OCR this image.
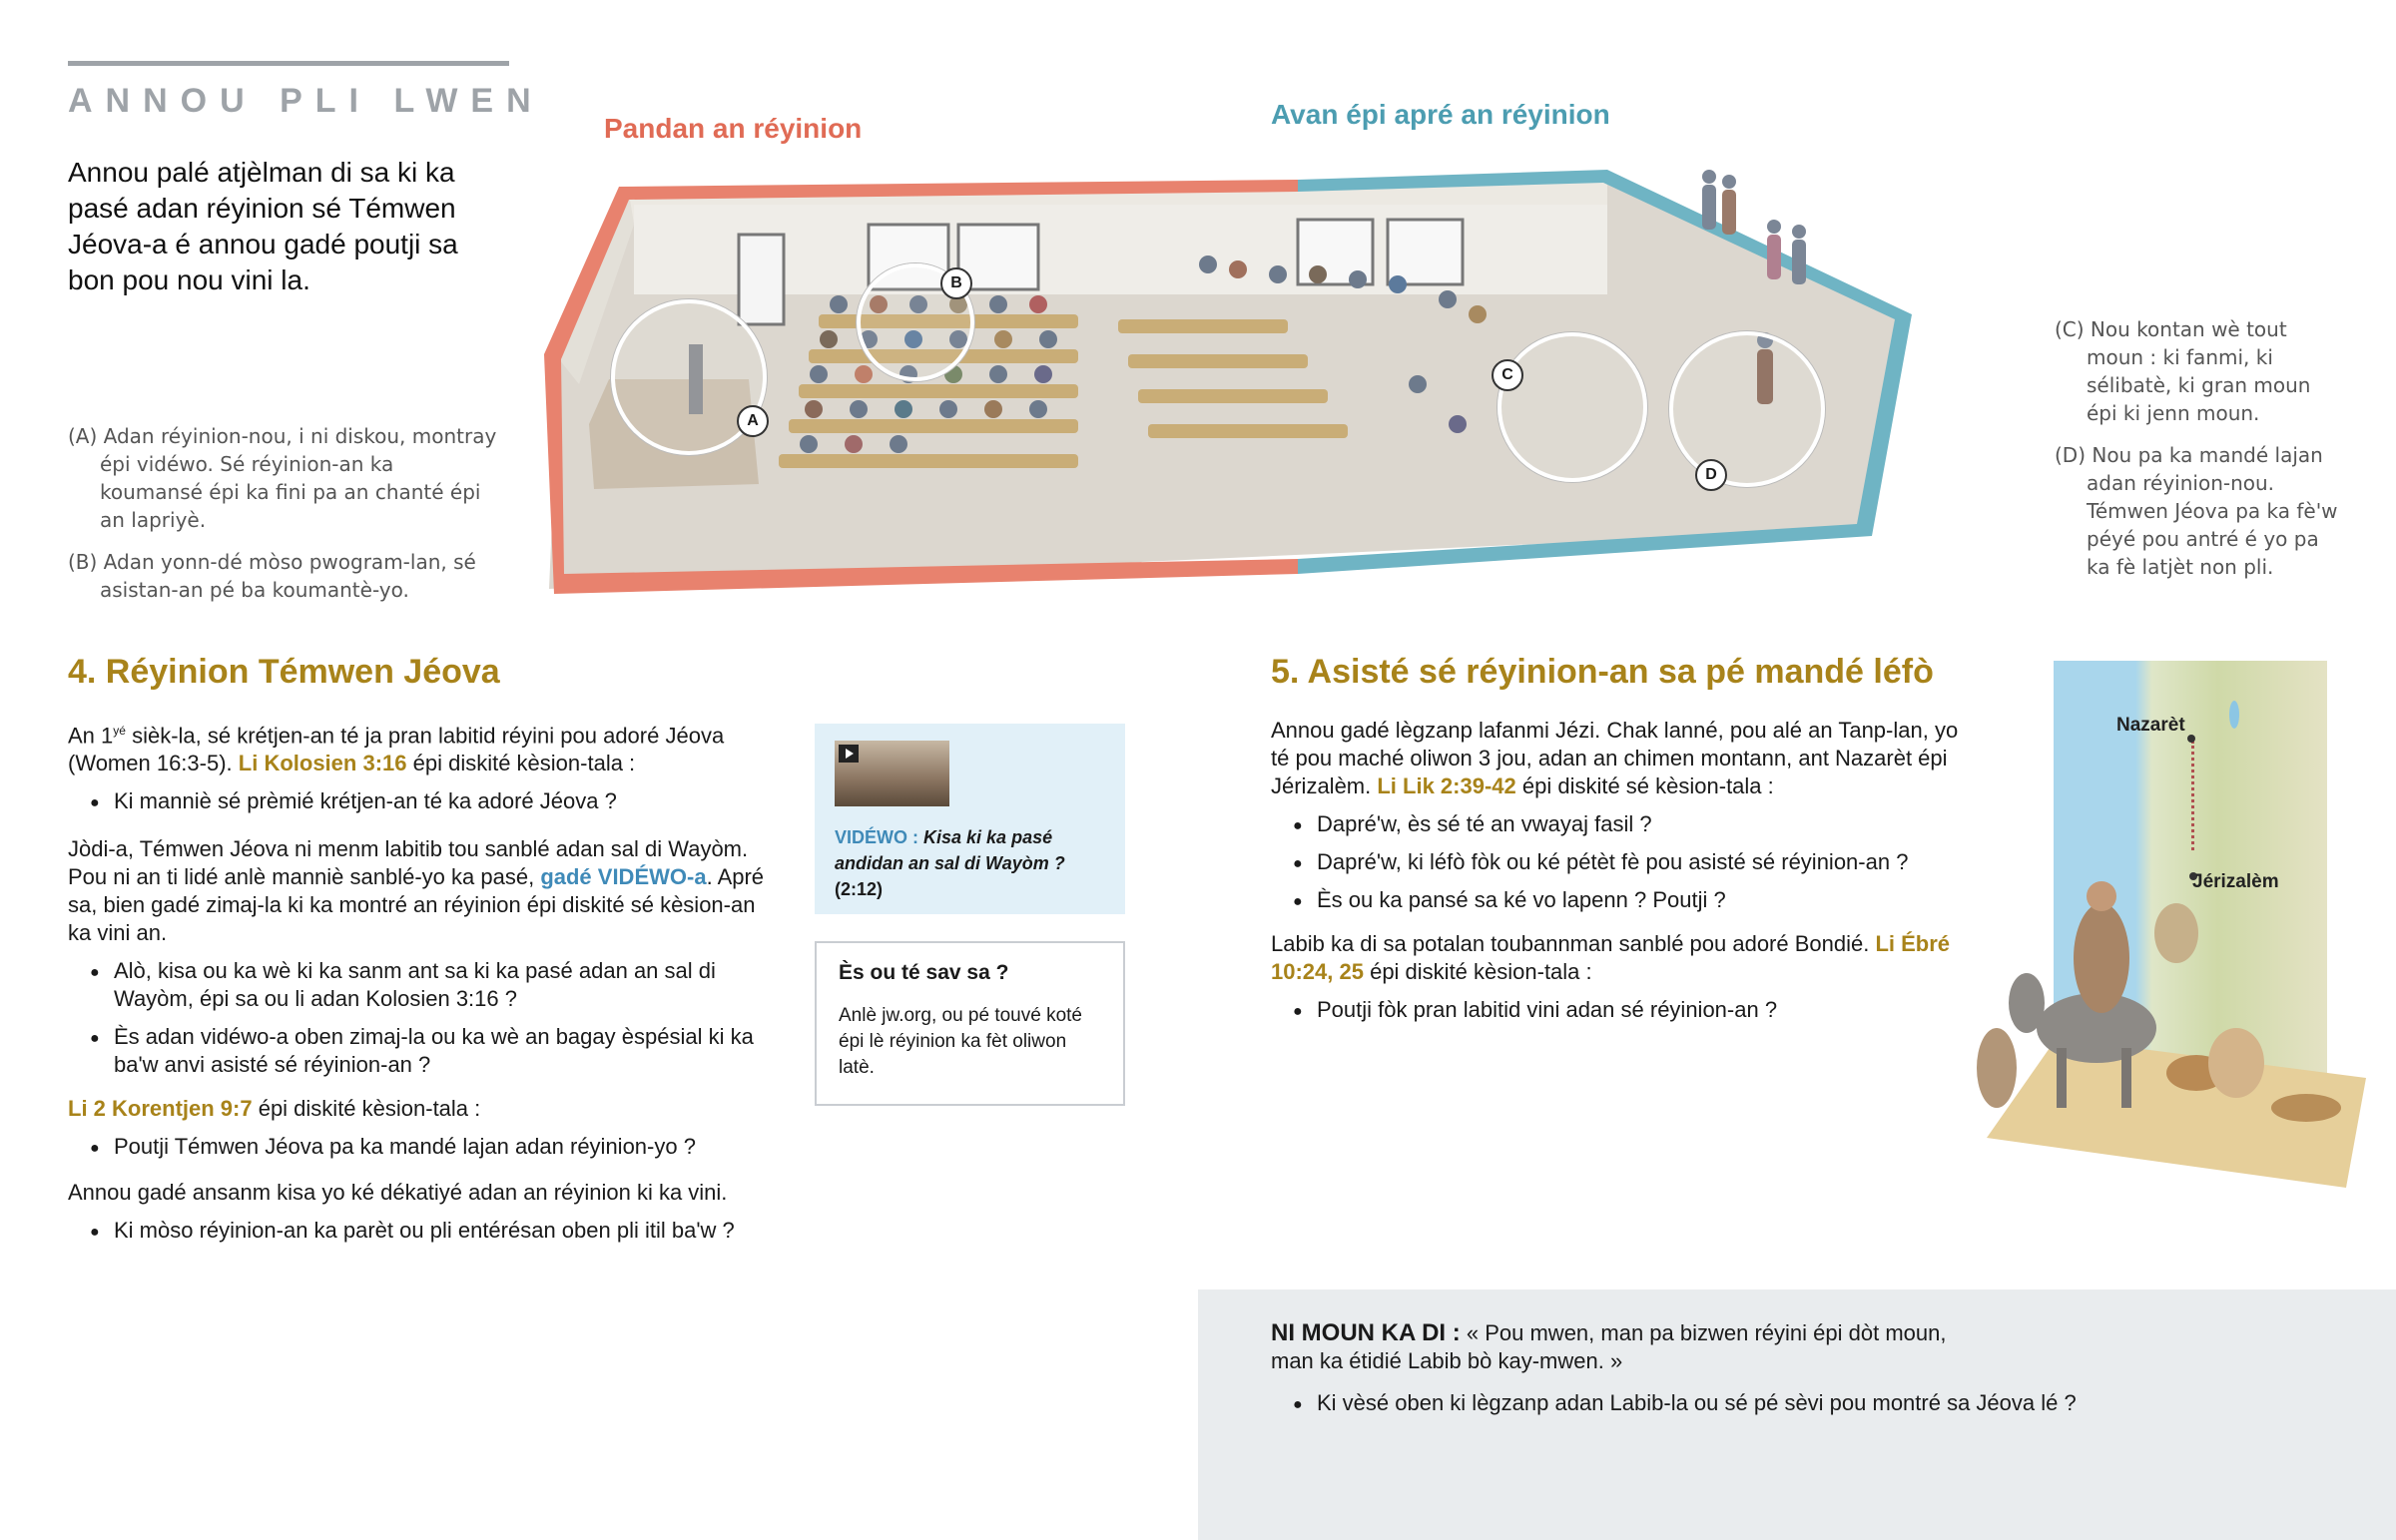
ANNOU PLI LWEN
Annou palé atjèlman di sa ki ka pasé adan réyinion sé Témwen Jéova-a é annou gadé poutji sa bon pou nou vini la.
Pandan an réyinion	Avan épi apré an réyinion
A
B
C
D
(A) Adan réyinion-nou, i ni diskou, montray épi vidéwo. Sé réyinion-an ka koumansé épi ka fini pa an chanté épi an lapriyè.
(B) Adan yonn-dé mòso pwogram-lan, sé asistan-an pé ba koumantè-yo.
(C) Nou kontan wè tout moun : ki fanmi, ki sélibatè, ki gran moun épi ki jenn moun.
(D) Nou pa ka mandé lajan adan réyinion-nou. Témwen Jéova pa ka fè'w péyé pou antré é yo pa ka fè latjèt non pli.
4. Réyinion Témwen Jéova
An $1^{yé}$ sièk-la, sé krétjen-an té ja pran labitid réyini pou adoré Jéova (Women 16:3-5). Li Kolosien 3:16 épi diskité kèsion-tala :
● Ki manniè sé prèmié krétjen-an té ka adoré Jéova ?
Jòdi-a, Témwen Jéova ni menm labitib tou sanblé adan sal di Wayòm. Pou ni an ti lidé anlè manniè sanblé-yo ka pasé, gadé VIDÉWO-a. Apré sa, bien gadé zimaj-la ki ka montré an réyinion épi diskité sé kèsion-an ka vini an.
● Alò, kisa ou ka wè ki ka sanm ant sa ki ka pasé adan an sal di Wayòm, épi sa ou li adan Kolosien 3:16 ?
● Ès adan vidéwo-a oben zimaj-la ou ka wè an bagay èspésial ki ka ba'w anvi asisté sé réyinion-an ?
Li 2 Korentjen 9:7 épi diskité kèsion-tala :
● Poutji Témwen Jéova pa ka mandé lajan adan réyinion-yo ?
Annou gadé ansanm kisa yo ké dékatiyé adan an réyinion ki ka vini.
● Ki mòso réyinion-an ka parèt ou pli entérésan oben pli itil ba'w ?
VIDÉWO : Kisa ki ka pasé andidan an sal di Wayòm ?
(2:12)
Ès ou té sav sa ?
Anlè jw.org, ou pé touvé koté épi lè réyinion ka fèt oliwon latè.
5. Asisté sé réyinion-an sa pé mandé léfò
Annou gadé lègzanp lafanmi Jézi. Chak lanné, pou alé an Tanp-lan, yo té pou maché oliwon 3 jou, adan an chimen montann, ant Nazarèt épi Jérizalèm. Li Lik 2:39-42 épi diskité sé kèsion-tala :
● Dapré'w, ès sé té an vwayaj fasil ?
● Dapré'w, ki léfò fòk ou ké pétèt fè pou asisté sé réyinion-an ?
● Ès ou ka pansé sa ké vo lapenn ? Poutji ?
Labib ka di sa potalan toubannman sanblé pou adoré Bondié. Li Ébré 10:24, 25 épi diskité kèsion-tala :
● Poutji fòk pran labitid vini adan sé réyinion-an ?
Nazarèt
Jérizalèm
NI MOUN KA DI : « Pou mwen, man pa bizwen réyini épi dòt moun, man ka étidié Labib bò kay-mwen. »
● Ki vèsé oben ki lègzanp adan Labib-la ou sé pé sèvi pou montré sa Jéova lé ?
